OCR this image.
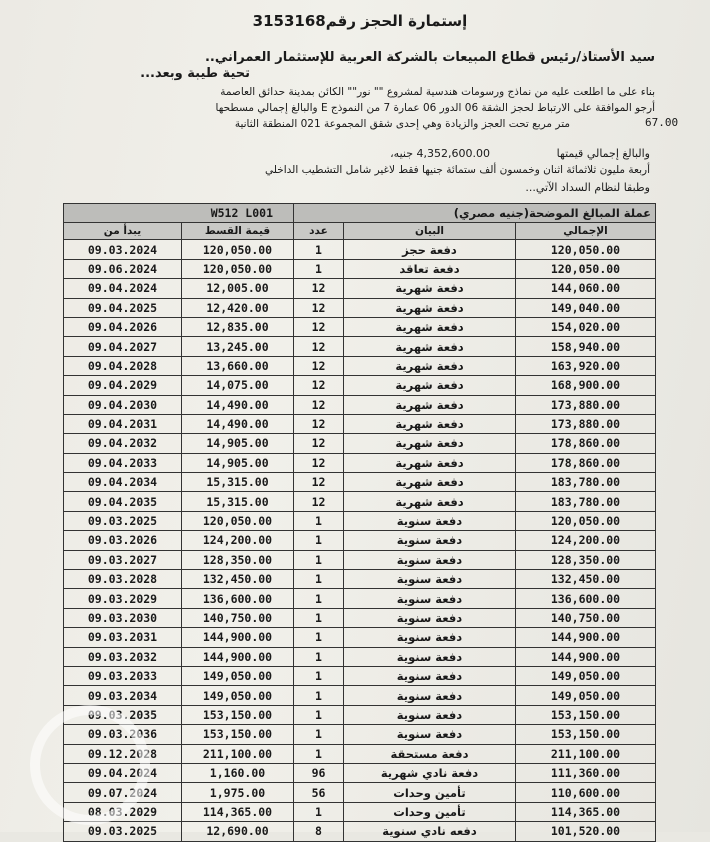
إستمارة الحجز رقم3153168
سيد الأستاذ/رئيس قطاع المبيعات بالشركة العربية للإستثمار العمراني..
تحية طيبة وبعد...
بناء على ما اطلعت عليه من نماذج ورسومات هندسية لمشروع "" نور"" الكائن بمدينة حدائق العاصمة
أرجو الموافقة على الارتباط لحجز الشقة 06 الدور 06 عمارة 7 من النموذج E والبالغ إجمالي مسطحها
67.00
متر مربع تحت العجز والزيادة وهي إحدى شقق المجموعة 021 المنطقة الثانية
والبالغ إجمالي قيمتها
4,352,600.00 جنيه،
أربعة مليون ثلاثمائة اثنان وخمسون ألف ستمائة جنيها فقط لاغير شامل التشطيب الداخلي
وطبقا لنظام السداد الآتي...
W512 L001		عملة المبالغ الموضحة(جنيه مصري)		
يبدأ من	قيمة القسط	عدد	البيان	الإجمالي
09.03.2024	120,050.00	1	دفعة حجز	120,050.00
09.06.2024	120,050.00	1	دفعة تعاقد	120,050.00
09.04.2024	12,005.00	12	دفعة شهرية	144,060.00
09.04.2025	12,420.00	12	دفعة شهرية	149,040.00
09.04.2026	12,835.00	12	دفعة شهرية	154,020.00
09.04.2027	13,245.00	12	دفعة شهرية	158,940.00
09.04.2028	13,660.00	12	دفعة شهرية	163,920.00
09.04.2029	14,075.00	12	دفعة شهرية	168,900.00
09.04.2030	14,490.00	12	دفعة شهرية	173,880.00
09.04.2031	14,490.00	12	دفعة شهرية	173,880.00
09.04.2032	14,905.00	12	دفعة شهرية	178,860.00
09.04.2033	14,905.00	12	دفعة شهرية	178,860.00
09.04.2034	15,315.00	12	دفعة شهرية	183,780.00
09.04.2035	15,315.00	12	دفعة شهرية	183,780.00
09.03.2025	120,050.00	1	دفعة سنوية	120,050.00
09.03.2026	124,200.00	1	دفعة سنوية	124,200.00
09.03.2027	128,350.00	1	دفعة سنوية	128,350.00
09.03.2028	132,450.00	1	دفعة سنوية	132,450.00
09.03.2029	136,600.00	1	دفعة سنوية	136,600.00
09.03.2030	140,750.00	1	دفعة سنوية	140,750.00
09.03.2031	144,900.00	1	دفعة سنوية	144,900.00
09.03.2032	144,900.00	1	دفعة سنوية	144,900.00
09.03.2033	149,050.00	1	دفعة سنوية	149,050.00
09.03.2034	149,050.00	1	دفعة سنوية	149,050.00
09.03.2035	153,150.00	1	دفعة سنوية	153,150.00
09.03.2036	153,150.00	1	دفعة سنوية	153,150.00
09.12.2028	211,100.00	1	دفعة مستحقة	211,100.00
09.04.2024	1,160.00	96	دفعة نادي شهرية	111,360.00
09.07.2024	1,975.00	56	تأمين وحدات	110,600.00
08.03.2029	114,365.00	1	تأمين وحدات	114,365.00
09.03.2025	12,690.00	8	دفعه نادي سنوية	101,520.00
